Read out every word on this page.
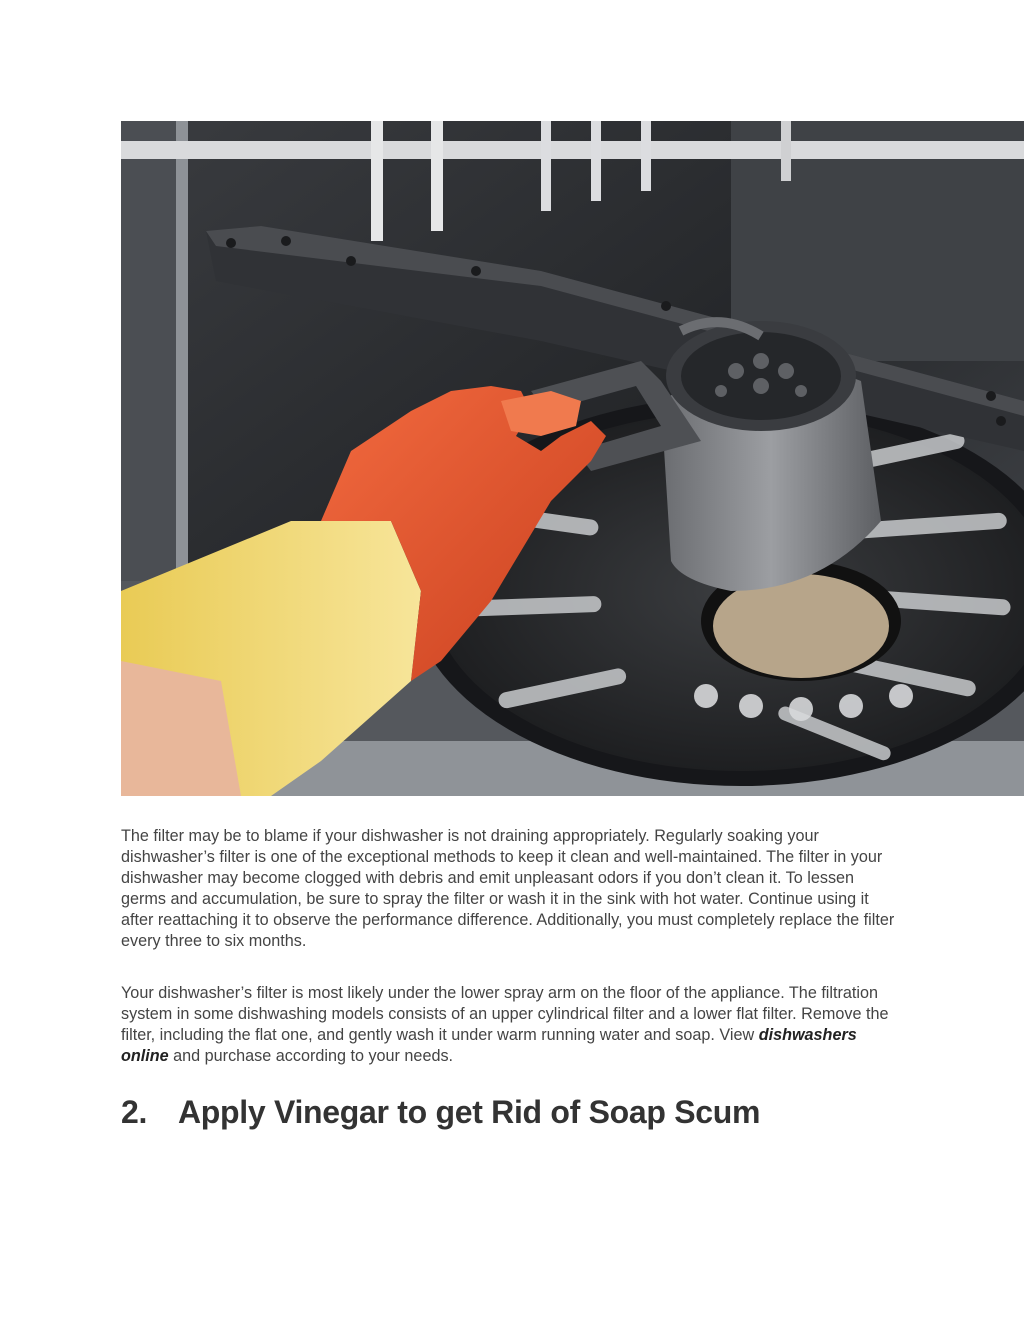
The filter may be to blame if your dishwasher is not draining appropriately. Regularly soaking your dishwasher’s filter is one of the exceptional methods to keep it clean and well-maintained. The filter in your dishwasher may become clogged with debris and emit unpleasant odors if you don’t clean it. To lessen germs and accumulation, be sure to spray the filter or wash it in the sink with hot water. Continue using it after reattaching it to observe the performance difference. Additionally, you must completely replace the filter every three to six months.

Your dishwasher’s filter is most likely under the lower spray arm on the floor of the appliance. The filtration system in some dishwashing models consists of an upper cylindrical filter and a lower flat filter. Remove the filter, including the flat one, and gently wash it under warm running water and soap. View dishwashers online and purchase according to your needs.

2. Apply Vinegar to get Rid of Soap Scum
